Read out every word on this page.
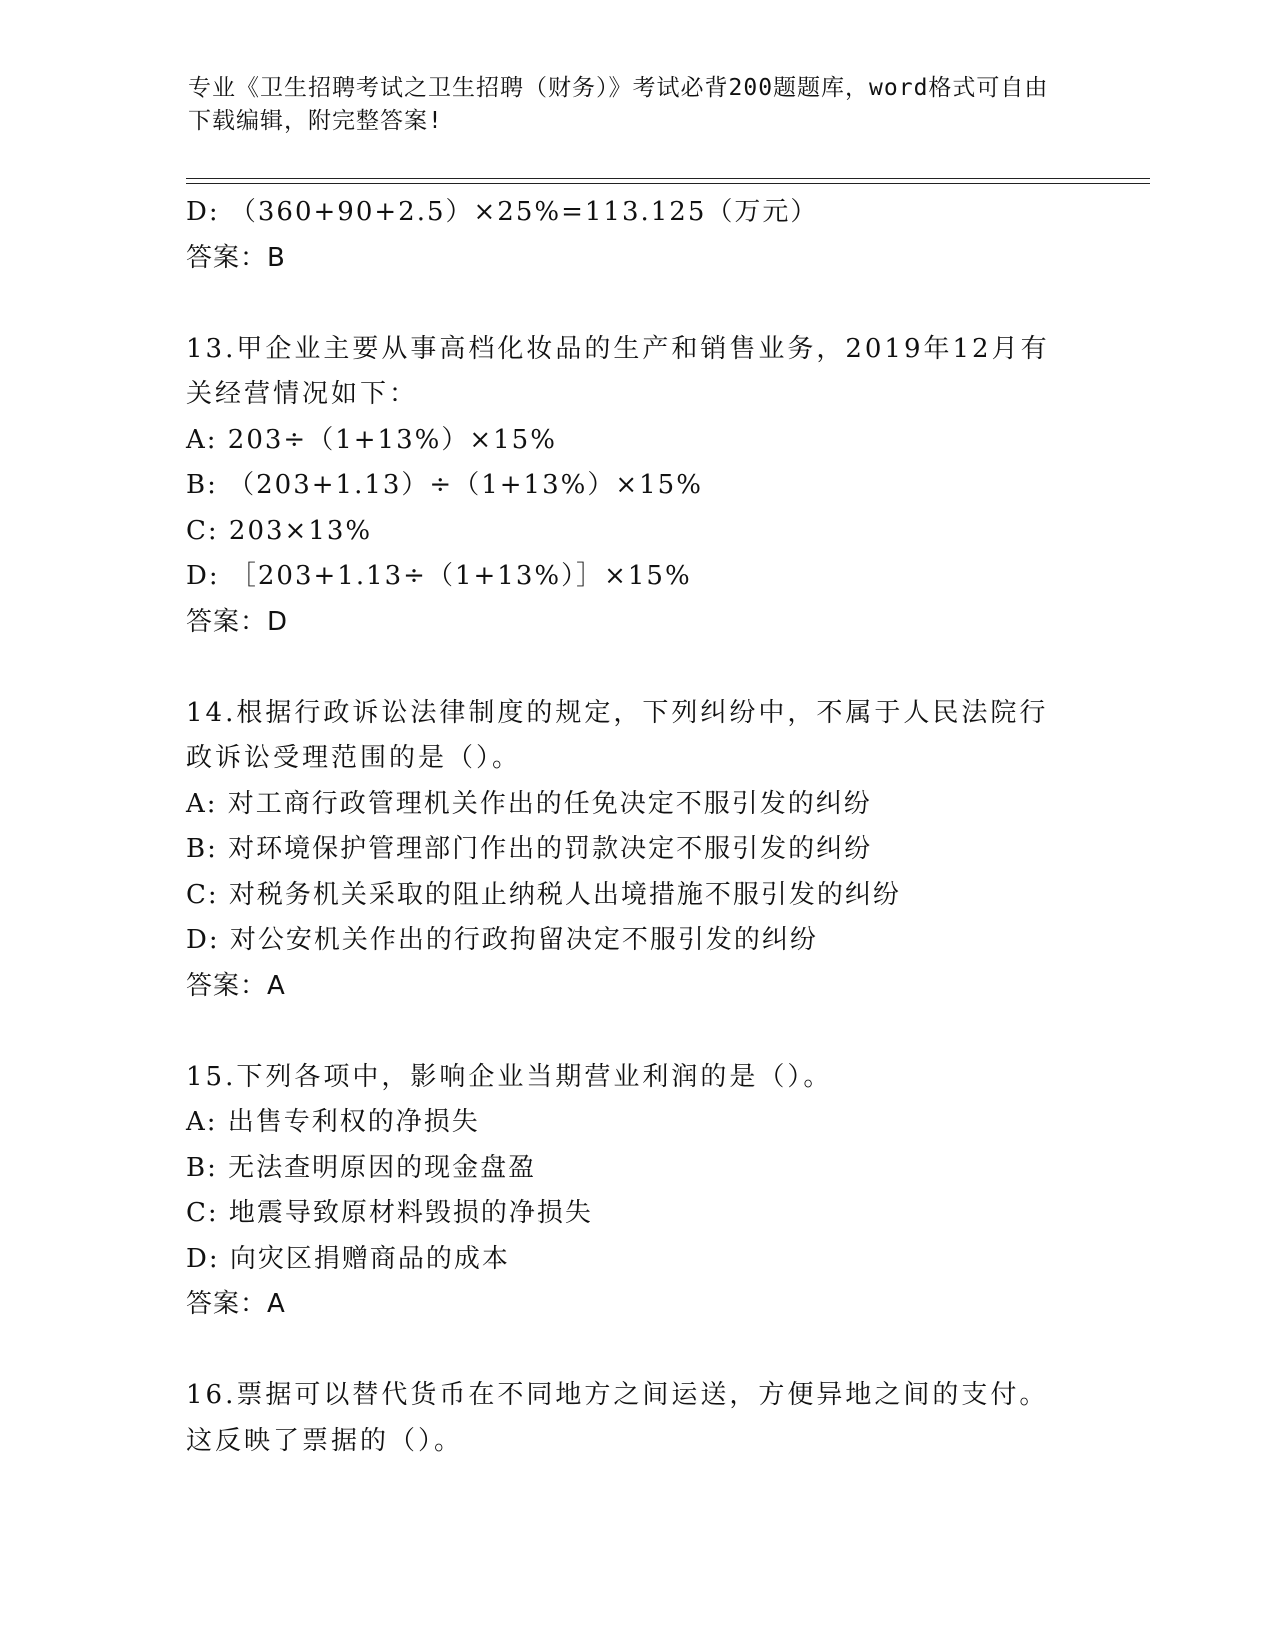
专业《卫生招聘考试之卫生招聘（财务）》考试必背200题题库，word格式可自由下载编辑，附完整答案!
D: （360+90+2.5）×25%=113.125（万元）
答案：B
13.甲企业主要从事高档化妆品的生产和销售业务，2019年12月有关经营情况如下：
A: 203÷（1+13%）×15%
B: （203+1.13）÷（1+13%）×15%
C: 203×13%
D: ［203+1.13÷（1+13%）］×15%
答案：D
14.根据行政诉讼法律制度的规定，下列纠纷中，不属于人民法院行政诉讼受理范围的是（）。
A: 对工商行政管理机关作出的任免决定不服引发的纠纷
B: 对环境保护管理部门作出的罚款决定不服引发的纠纷
C: 对税务机关采取的阻止纳税人出境措施不服引发的纠纷
D: 对公安机关作出的行政拘留决定不服引发的纠纷
答案：A
15.下列各项中，影响企业当期营业利润的是（）。
A: 出售专利权的净损失
B: 无法查明原因的现金盘盈
C: 地震导致原材料毁损的净损失
D: 向灾区捐赠商品的成本
答案：A
16.票据可以替代货币在不同地方之间运送，方便异地之间的支付。这反映了票据的（）。
